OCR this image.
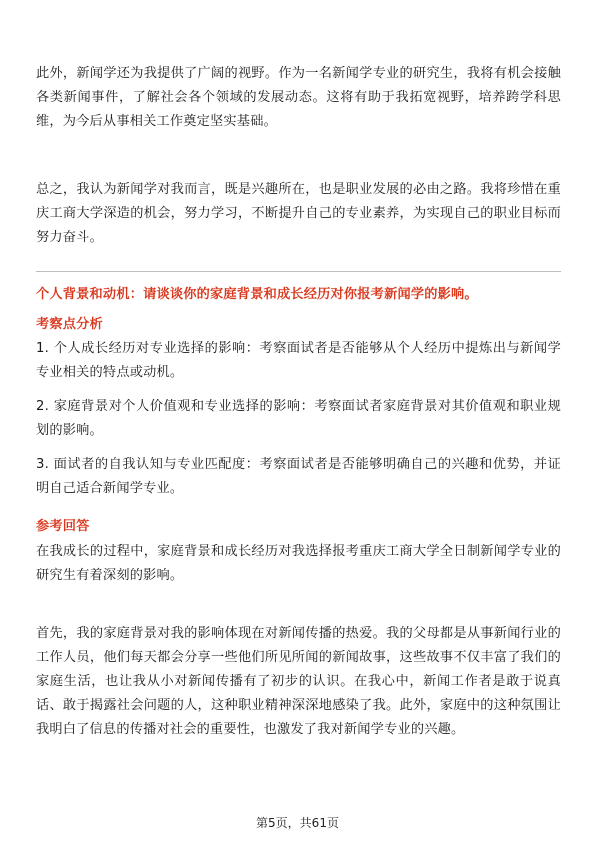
此外，新闻学还为我提供了广阔的视野。作为一名新闻学专业的研究生，我将有机会接触各类新闻事件，了解社会各个领域的发展动态。这将有助于我拓宽视野，培养跨学科思维，为今后从事相关工作奠定坚实基础。

总之，我认为新闻学对我而言，既是兴趣所在，也是职业发展的必由之路。我将珍惜在重庆工商大学深造的机会，努力学习，不断提升自己的专业素养，为实现自己的职业目标而努力奋斗。

个人背景和动机：请谈谈你的家庭背景和成长经历对你报考新闻学的影响。

考察点分析

1. 个人成长经历对专业选择的影响：考察面试者是否能够从个人经历中提炼出与新闻学专业相关的特点或动机。

2. 家庭背景对个人价值观和专业选择的影响：考察面试者家庭背景对其价值观和职业规划的影响。

3. 面试者的自我认知与专业匹配度：考察面试者是否能够明确自己的兴趣和优势，并证明自己适合新闻学专业。

参考回答

在我成长的过程中，家庭背景和成长经历对我选择报考重庆工商大学全日制新闻学专业的研究生有着深刻的影响。

首先，我的家庭背景对我的影响体现在对新闻传播的热爱。我的父母都是从事新闻行业的工作人员，他们每天都会分享一些他们所见所闻的新闻故事，这些故事不仅丰富了我们的家庭生活，也让我从小对新闻传播有了初步的认识。在我心中，新闻工作者是敢于说真话、敢于揭露社会问题的人，这种职业精神深深地感染了我。此外，家庭中的这种氛围让我明白了信息的传播对社会的重要性，也激发了我对新闻学专业的兴趣。

第5页，共61页
